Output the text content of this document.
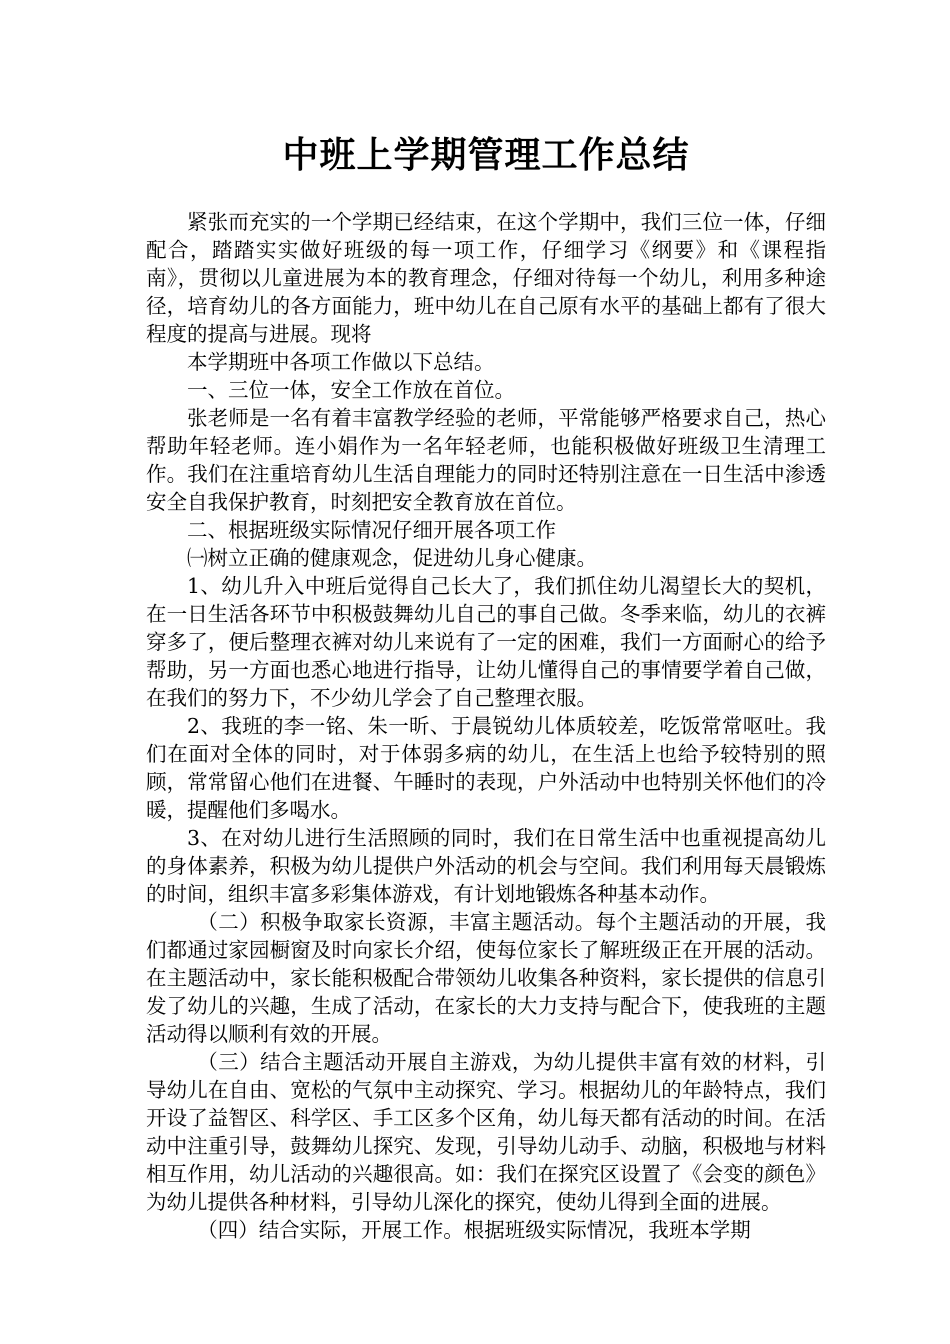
中班上学期管理工作总结

紧张而充实的一个学期已经结束，在这个学期中，我们三位一体，仔细配合，踏踏实实做好班级的每一项工作，仔细学习《纲要》和《课程指南》，贯彻以儿童进展为本的教育理念，仔细对待每一个幼儿，利用多种途径，培育幼儿的各方面能力，班中幼儿在自己原有水平的基础上都有了很大程度的提高与进展。现将

本学期班中各项工作做以下总结。

一、三位一体，安全工作放在首位。

张老师是一名有着丰富教学经验的老师，平常能够严格要求自己，热心帮助年轻老师。连小娟作为一名年轻老师，也能积极做好班级卫生清理工作。我们在注重培育幼儿生活自理能力的同时还特别注意在一日生活中渗透安全自我保护教育，时刻把安全教育放在首位。

二、根据班级实际情况仔细开展各项工作

㈠树立正确的健康观念，促进幼儿身心健康。

1、幼儿升入中班后觉得自己长大了，我们抓住幼儿渴望长大的契机，在一日生活各环节中积极鼓舞幼儿自己的事自己做。冬季来临，幼儿的衣裤穿多了，便后整理衣裤对幼儿来说有了一定的困难，我们一方面耐心的给予帮助，另一方面也悉心地进行指导，让幼儿懂得自己的事情要学着自己做，在我们的努力下，不少幼儿学会了自己整理衣服。

2、我班的李一铭、朱一昕、于晨锐幼儿体质较差，吃饭常常呕吐。我们在面对全体的同时，对于体弱多病的幼儿，在生活上也给予较特别的照顾，常常留心他们在进餐、午睡时的表现，户外活动中也特别关怀他们的冷暖，提醒他们多喝水。

3、在对幼儿进行生活照顾的同时，我们在日常生活中也重视提高幼儿的身体素养，积极为幼儿提供户外活动的机会与空间。我们利用每天晨锻炼的时间，组织丰富多彩集体游戏，有计划地锻炼各种基本动作。

（二）积极争取家长资源，丰富主题活动。每个主题活动的开展，我们都通过家园橱窗及时向家长介绍，使每位家长了解班级正在开展的活动。在主题活动中，家长能积极配合带领幼儿收集各种资料，家长提供的信息引发了幼儿的兴趣，生成了活动，在家长的大力支持与配合下，使我班的主题活动得以顺利有效的开展。

（三）结合主题活动开展自主游戏，为幼儿提供丰富有效的材料，引导幼儿在自由、宽松的气氛中主动探究、学习。根据幼儿的年龄特点，我们开设了益智区、科学区、手工区多个区角，幼儿每天都有活动的时间。在活动中注重引导，鼓舞幼儿探究、发现，引导幼儿动手、动脑，积极地与材料相互作用，幼儿活动的兴趣很高。如：我们在探究区设置了《会变的颜色》为幼儿提供各种材料，引导幼儿深化的探究，使幼儿得到全面的进展。

（四）结合实际，开展工作。根据班级实际情况，我班本学期
